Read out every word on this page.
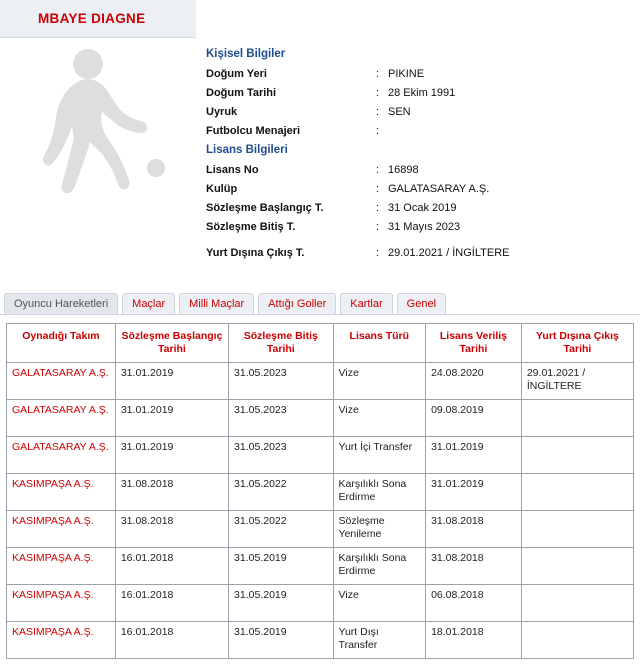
MBAYE DIAGNE
Kişisel Bilgiler
Doğum Yeri	:	PIKINE
Doğum Tarihi	:	28 Ekim 1991
Uyruk	:	SEN
Futbolcu Menajeri	:	
Lisans Bilgileri
Lisans No	:	16898
Kulüp	:	GALATASARAY A.Ş.
Sözleşme Başlangıç T.	:	31 Ocak 2019
Sözleşme Bitiş T.	:	31 Mayıs 2023
Yurt Dışına Çıkış T.	:	29.01.2021 / İNGİLTERE
Oyuncu Hareketleri	Maçlar	Milli Maçlar	Attığı Goller	Kartlar	Genel
Oynadığı Takım	Sözleşme Başlangıç Tarihi	Sözleşme Bitiş Tarihi	Lisans Türü	Lisans Veriliş Tarihi	Yurt Dışına Çıkış Tarihi
GALATASARAY A.Ş.	31.01.2019	31.05.2023	Vize	24.08.2020	29.01.2021 / İNGİLTERE
GALATASARAY A.Ş.	31.01.2019	31.05.2023	Vize	09.08.2019	
GALATASARAY A.Ş.	31.01.2019	31.05.2023	Yurt İçi Transfer	31.01.2019	
KASIMPAŞA A.Ş.	31.08.2018	31.05.2022	Karşılıklı Sona Erdirme	31.01.2019	
KASIMPAŞA A.Ş.	31.08.2018	31.05.2022	Sözleşme Yenileme	31.08.2018	
KASIMPAŞA A.Ş.	16.01.2018	31.05.2019	Karşılıklı Sona Erdirme	31.08.2018	
KASIMPAŞA A.Ş.	16.01.2018	31.05.2019	Vize	06.08.2018	
KASIMPAŞA A.Ş.	16.01.2018	31.05.2019	Yurt Dışı Transfer	18.01.2018	
